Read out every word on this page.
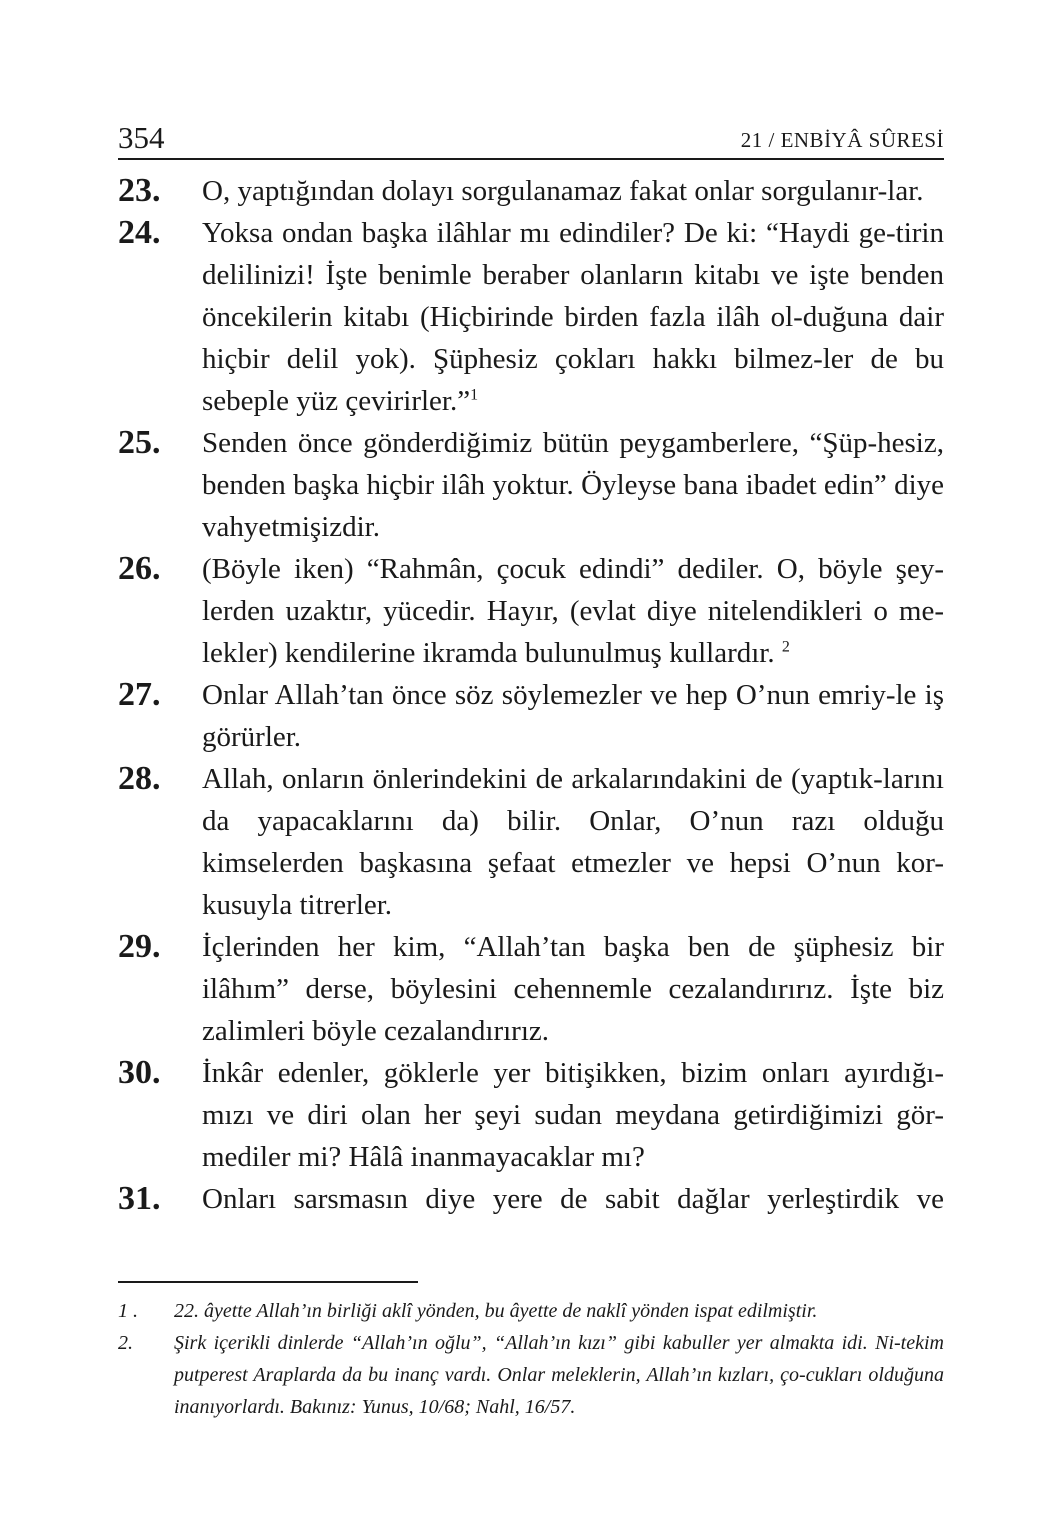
354	21 / ENBİYÂ SÛRESİ
23.	O, yaptığından dolayı sorgulanamaz fakat onlar sorgulanır-lar.
24.	Yoksa ondan başka ilâhlar mı edindiler? De ki: “Haydi ge-tirin delilinizi! İşte benimle beraber olanların kitabı ve işte benden öncekilerin kitabı (Hiçbirinde birden fazla ilâh ol-duğuna dair hiçbir delil yok). Şüphesiz çokları hakkı bilmez-ler de bu sebeple yüz çevirirler.”$^1$
25.	Senden önce gönderdiğimiz bütün peygamberlere, “Şüp-hesiz, benden başka hiçbir ilâh yoktur. Öyleyse bana ibadet edin” diye vahyetmişizdir.
26.	(Böyle iken) “Rahmân, çocuk edindi” dediler. O, böyle şey-lerden uzaktır, yücedir. Hayır, (evlat diye nitelendikleri o me-lekler) kendilerine ikramda bulunulmuş kullardır. $^2$
27.	Onlar Allah’tan önce söz söylemezler ve hep O’nun emriy-le iş görürler.
28.	Allah, onların önlerindekini de arkalarındakini de (yaptık-larını da yapacaklarını da) bilir. Onlar, O’nun razı olduğu kimselerden başkasına şefaat etmezler ve hepsi O’nun kor-kusuyla titrerler.
29.	İçlerinden her kim, “Allah’tan başka ben de şüphesiz bir ilâhım” derse, böylesini cehennemle cezalandırırız. İşte biz zalimleri böyle cezalandırırız.
30.	İnkâr edenler, göklerle yer bitişikken, bizim onları ayırdığı-mızı ve diri olan her şeyi sudan meydana getirdiğimizi gör-mediler mi? Hâlâ inanmayacaklar mı?
31.	Onları sarsmasın diye yere de sabit dağlar yerleştirdik ve
1 .	22. âyette Allah’ın birliği aklî yönden, bu âyette de naklî yönden ispat edilmiştir.
2.	Şirk içerikli dinlerde “Allah’ın oğlu”, “Allah’ın kızı” gibi kabuller yer almakta idi. Ni-tekim putperest Araplarda da bu inanç vardı. Onlar meleklerin, Allah’ın kızları, ço-cukları olduğuna inanıyorlardı. Bakınız: Yunus, 10/68; Nahl, 16/57.
